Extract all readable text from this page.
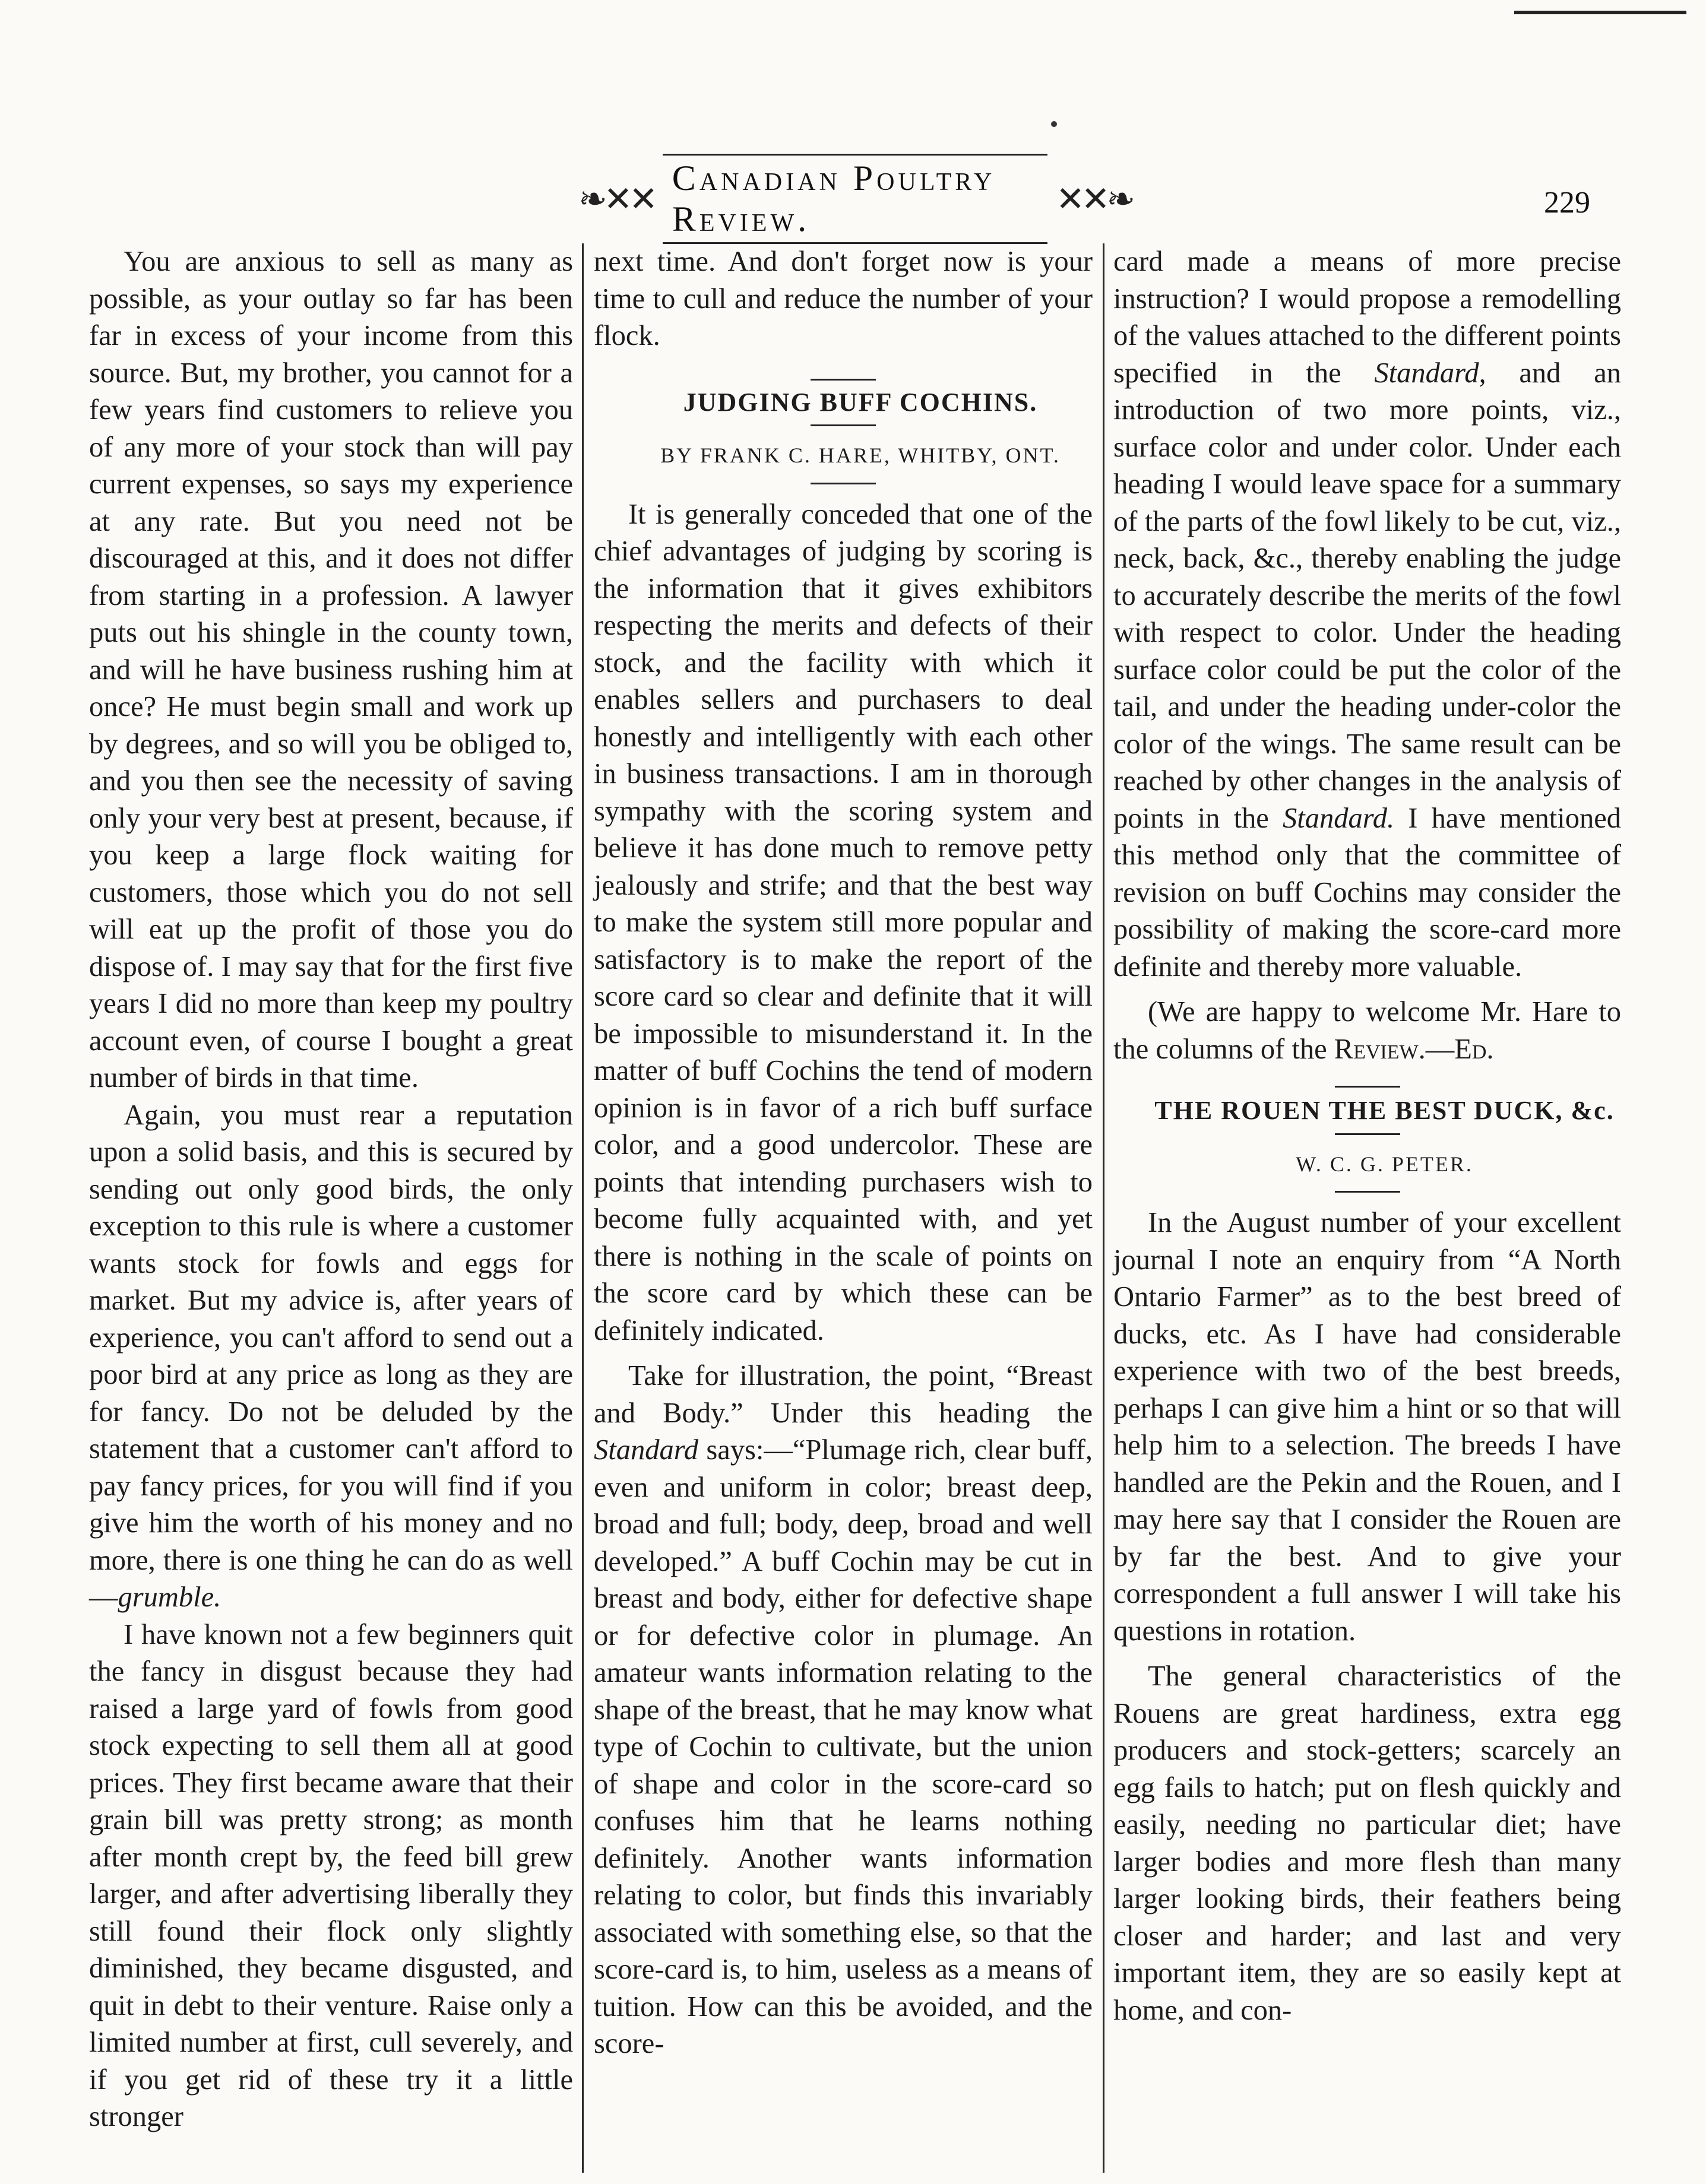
❧✕✕
Canadian Poultry Review.	✕✕❧	229

You are anxious to sell as many as possible, as your outlay so far has been far in excess of your income from this source. But, my brother, you cannot for a few years find customers to relieve you of any more of your stock than will pay current expenses, so says my experience at any rate. But you need not be discouraged at this, and it does not differ from starting in a profession. A lawyer puts out his shingle in the county town, and will he have business rushing him at once? He must begin small and work up by degrees, and so will you be obliged to, and you then see the necessity of saving only your very best at present, because, if you keep a large flock waiting for customers, those which you do not sell will eat up the profit of those you do dispose of. I may say that for the first five years I did no more than keep my poultry account even, of course I bought a great number of birds in that time.

Again, you must rear a reputation upon a solid basis, and this is secured by sending out only good birds, the only exception to this rule is where a customer wants stock for fowls and eggs for market. But my advice is, after years of experience, you can't afford to send out a poor bird at any price as long as they are for fancy. Do not be deluded by the statement that a customer can't afford to pay fancy prices, for you will find if you give him the worth of his money and no more, there is one thing he can do as well—grumble.

I have known not a few beginners quit the fancy in disgust because they had raised a large yard of fowls from good stock expecting to sell them all at good prices. They first became aware that their grain bill was pretty strong; as month after month crept by, the feed bill grew larger, and after advertising liberally they still found their flock only slightly diminished, they became disgusted, and quit in debt to their venture. Raise only a limited number at first, cull severely, and if you get rid of these try it a little stronger

next time. And don't forget now is your time to cull and reduce the number of your flock.

JUDGING BUFF COCHINS.

BY FRANK C. HARE, WHITBY, ONT.

It is generally conceded that one of the chief advantages of judging by scoring is the information that it gives exhibitors respecting the merits and defects of their stock, and the facility with which it enables sellers and purchasers to deal honestly and intelligently with each other in business transactions. I am in thorough sympathy with the scoring system and believe it has done much to remove petty jealously and strife; and that the best way to make the system still more popular and satisfactory is to make the report of the score card so clear and definite that it will be impossible to misunderstand it. In the matter of buff Cochins the tend of modern opinion is in favor of a rich buff surface color, and a good undercolor. These are points that intending purchasers wish to become fully acquainted with, and yet there is nothing in the scale of points on the score card by which these can be definitely indicated.

Take for illustration, the point, “Breast and Body.” Under this heading the Standard says:—“Plumage rich, clear buff, even and uniform in color; breast deep, broad and full; body, deep, broad and well developed.” A buff Cochin may be cut in breast and body, either for defective shape or for defective color in plumage. An amateur wants information relating to the shape of the breast, that he may know what type of Cochin to cultivate, but the union of shape and color in the score-card so confuses him that he learns nothing definitely. Another wants information relating to color, but finds this invariably associated with something else, so that the score-card is, to him, useless as a means of tuition. How can this be avoided, and the score-

card made a means of more precise instruction? I would propose a remodelling of the values attached to the different points specified in the Standard, and an introduction of two more points, viz., surface color and under color. Under each heading I would leave space for a summary of the parts of the fowl likely to be cut, viz., neck, back, &c., thereby enabling the judge to accurately describe the merits of the fowl with respect to color. Under the heading surface color could be put the color of the tail, and under the heading under-color the color of the wings. The same result can be reached by other changes in the analysis of points in the Standard. I have mentioned this method only that the committee of revision on buff Cochins may consider the possibility of making the score-card more definite and thereby more valuable.

(We are happy to welcome Mr. Hare to the columns of the Review.—Ed.

THE ROUEN THE BEST DUCK, &c.

W. C. G. PETER.

In the August number of your excellent journal I note an enquiry from “A North Ontario Farmer” as to the best breed of ducks, etc. As I have had considerable experience with two of the best breeds, perhaps I can give him a hint or so that will help him to a selection. The breeds I have handled are the Pekin and the Rouen, and I may here say that I consider the Rouen are by far the best. And to give your correspondent a full answer I will take his questions in rotation.

The general characteristics of the Rouens are great hardiness, extra egg producers and stock-getters; scarcely an egg fails to hatch; put on flesh quickly and easily, needing no particular diet; have larger bodies and more flesh than many larger looking birds, their feathers being closer and harder; and last and very important item, they are so easily kept at home, and con-
